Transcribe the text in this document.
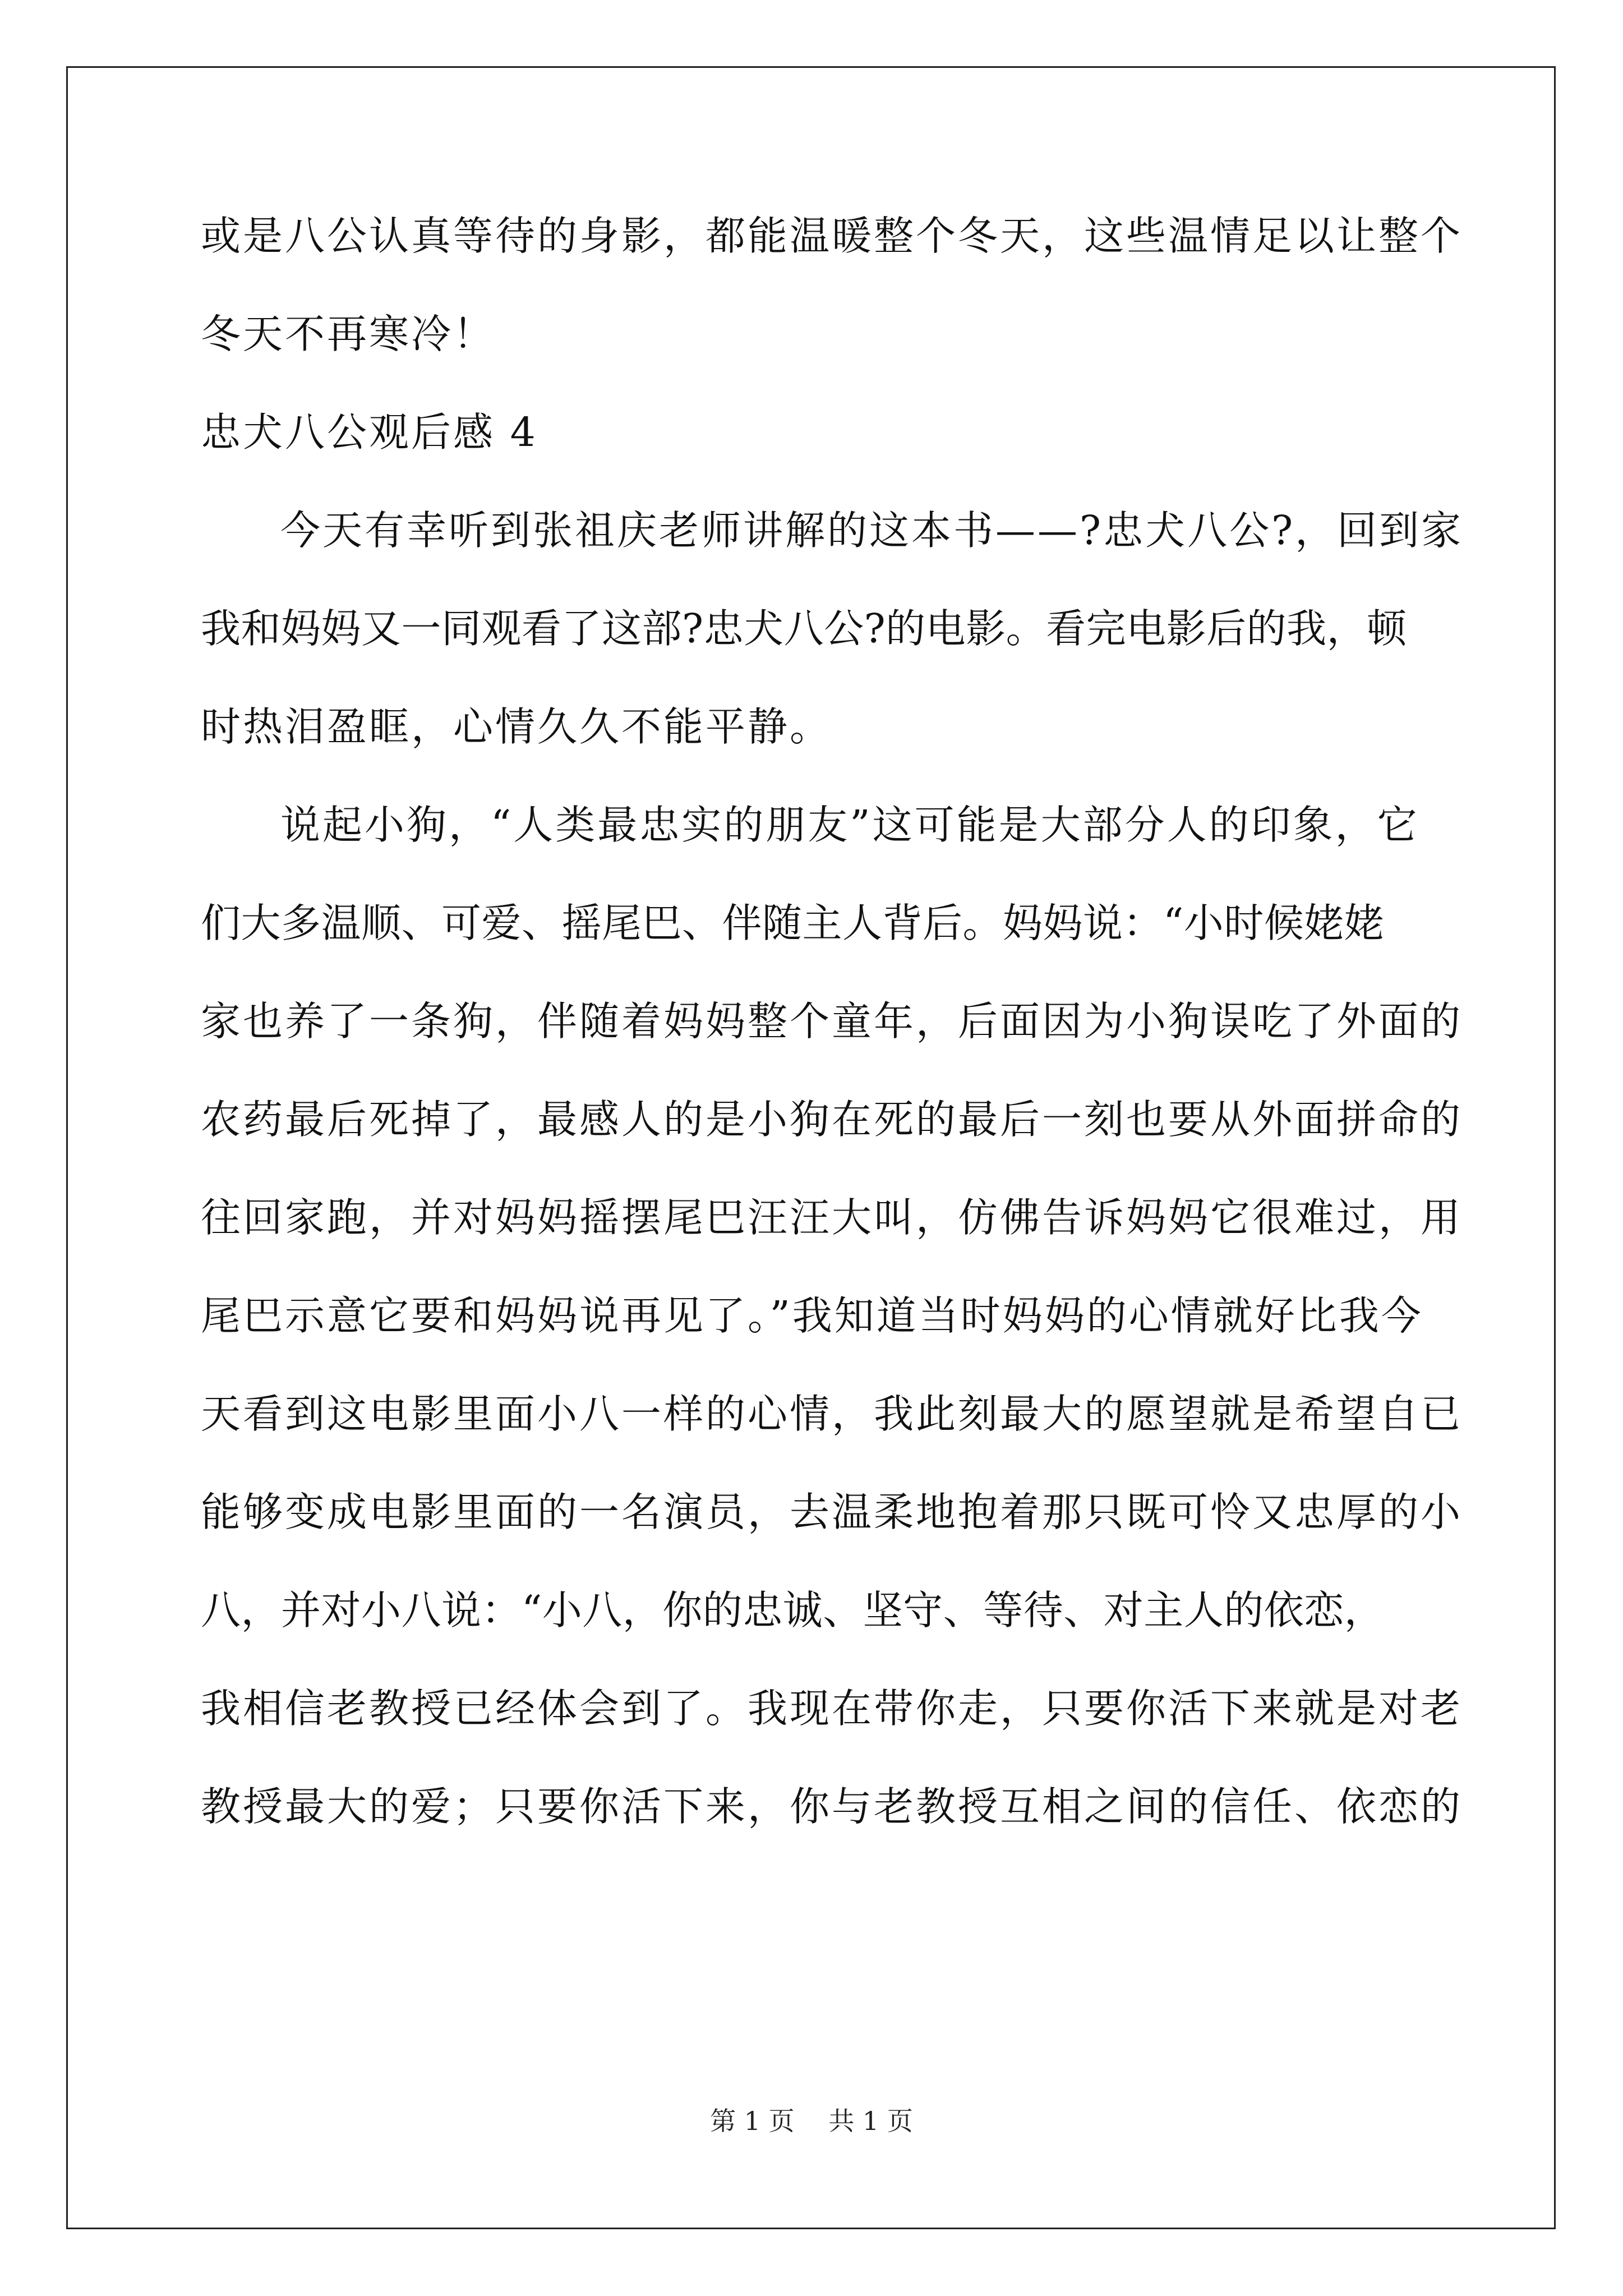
或是八公认真等待的身影，都能温暖整个冬天，这些温情足以让整个
冬天不再寒冷！
忠犬八公观后感 4
今天有幸听到张祖庆老师讲解的这本书——?忠犬八公?，回到家
我和妈妈又一同观看了这部?忠犬八公?的电影。看完电影后的我，顿
时热泪盈眶，心情久久不能平静。
说起小狗，“人类最忠实的朋友”这可能是大部分人的印象，它
们大多温顺、可爱、摇尾巴、伴随主人背后。妈妈说：“小时候姥姥
家也养了一条狗，伴随着妈妈整个童年，后面因为小狗误吃了外面的
农药最后死掉了，最感人的是小狗在死的最后一刻也要从外面拼命的
往回家跑，并对妈妈摇摆尾巴汪汪大叫，仿佛告诉妈妈它很难过，用
尾巴示意它要和妈妈说再见了。”我知道当时妈妈的心情就好比我今
天看到这电影里面小八一样的心情，我此刻最大的愿望就是希望自已
能够变成电影里面的一名演员，去温柔地抱着那只既可怜又忠厚的小
八，并对小八说：“小八，你的忠诚、坚守、等待、对主人的依恋，
我相信老教授已经体会到了。我现在带你走，只要你活下来就是对老
教授最大的爱；只要你活下来，你与老教授互相之间的信任、依恋的
第 1 页 共 1 页
